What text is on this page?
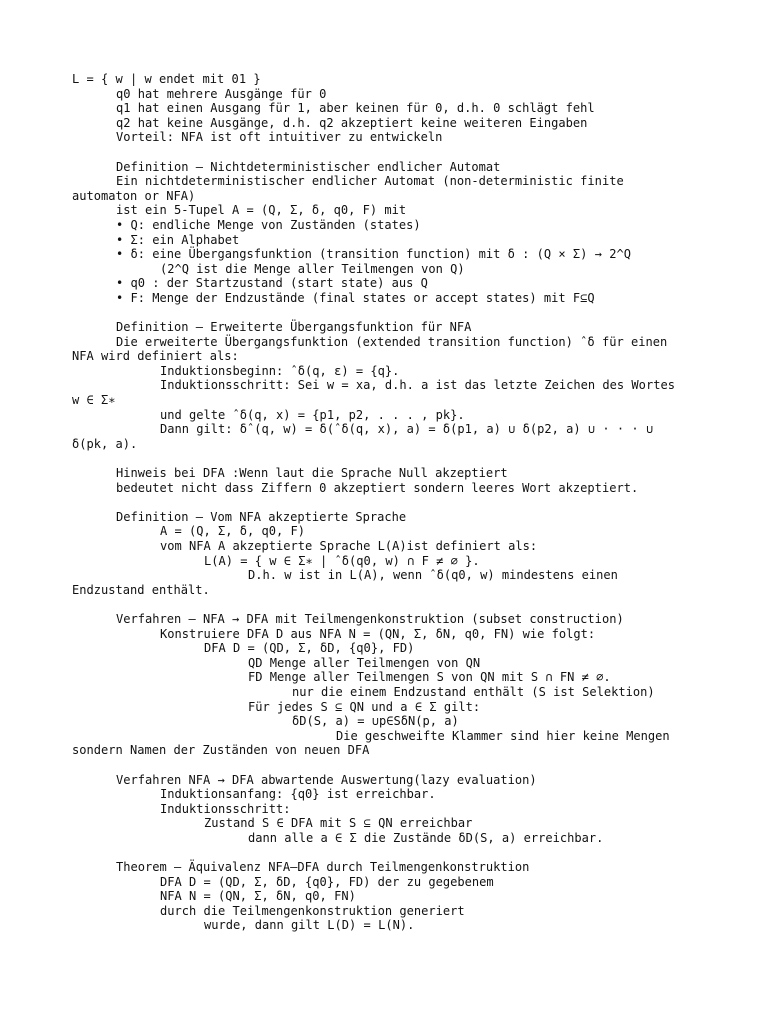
L = { w | w endet mit 01 }
q0 hat mehrere Ausgänge für 0
q1 hat einen Ausgang für 1, aber keinen für 0, d.h. 0 schlägt fehl
q2 hat keine Ausgänge, d.h. q2 akzeptiert keine weiteren Eingaben
Vorteil: NFA ist oft intuitiver zu entwickeln
Definition – Nichtdeterministischer endlicher Automat
Ein nichtdeterministischer endlicher Automat (non-deterministic finite
automaton or NFA)
ist ein 5-Tupel A = (Q, Σ, δ, q0, F) mit
• Q: endliche Menge von Zuständen (states)
• Σ: ein Alphabet
• δ: eine Übergangsfunktion (transition function) mit δ : (Q × Σ) → 2^Q
(2^Q ist die Menge aller Teilmengen von Q)
• q0 : der Startzustand (start state) aus Q
• F: Menge der Endzustände (final states or accept states) mit F⊆Q
Definition – Erweiterte Übergangsfunktion für NFA
Die erweiterte Übergangsfunktion (extended transition function) ˆδ für einen
NFA wird definiert als:
Induktionsbeginn: ˆδ(q, ε) = {q}.
Induktionsschritt: Sei w = xa, d.h. a ist das letzte Zeichen des Wortes
w ∈ Σ∗
und gelte ˆδ(q, x) = {p1, p2, . . . , pk}.
Dann gilt: δˆ(q, w) = δ(ˆδ(q, x), a) = δ(p1, a) ∪ δ(p2, a) ∪ · · · ∪
δ(pk, a).
Hinweis bei DFA :Wenn laut die Sprache Null akzeptiert
bedeutet nicht dass Ziffern 0 akzeptiert sondern leeres Wort akzeptiert.
Definition – Vom NFA akzeptierte Sprache
A = (Q, Σ, δ, q0, F)
vom NFA A akzeptierte Sprache L(A)ist definiert als:
L(A) = { w ∈ Σ∗ | ˆδ(q0, w) ∩ F ≠ ∅ }.
D.h. w ist in L(A), wenn ˆδ(q0, w) mindestens einen
Endzustand enthält.
Verfahren – NFA → DFA mit Teilmengenkonstruktion (subset construction)
Konstruiere DFA D aus NFA N = (QN, Σ, δN, q0, FN) wie folgt:
DFA D = (QD, Σ, δD, {q0}, FD)
QD Menge aller Teilmengen von QN
FD Menge aller Teilmengen S von QN mit S ∩ FN ≠ ∅.
nur die einem Endzustand enthält (S ist Selektion)
Für jedes S ⊆ QN und a ∈ Σ gilt:
δD(S, a) = ∪p∈SδN(p, a)
Die geschweifte Klammer sind hier keine Mengen
sondern Namen der Zuständen von neuen DFA
Verfahren NFA → DFA abwartende Auswertung(lazy evaluation)
Induktionsanfang: {q0} ist erreichbar.
Induktionsschritt:
Zustand S ∈ DFA mit S ⊆ QN erreichbar
dann alle a ∈ Σ die Zustände δD(S, a) erreichbar.
Theorem – Äquivalenz NFA–DFA durch Teilmengenkonstruktion
DFA D = (QD, Σ, δD, {q0}, FD) der zu gegebenem
NFA N = (QN, Σ, δN, q0, FN)
durch die Teilmengenkonstruktion generiert
wurde, dann gilt L(D) = L(N).
